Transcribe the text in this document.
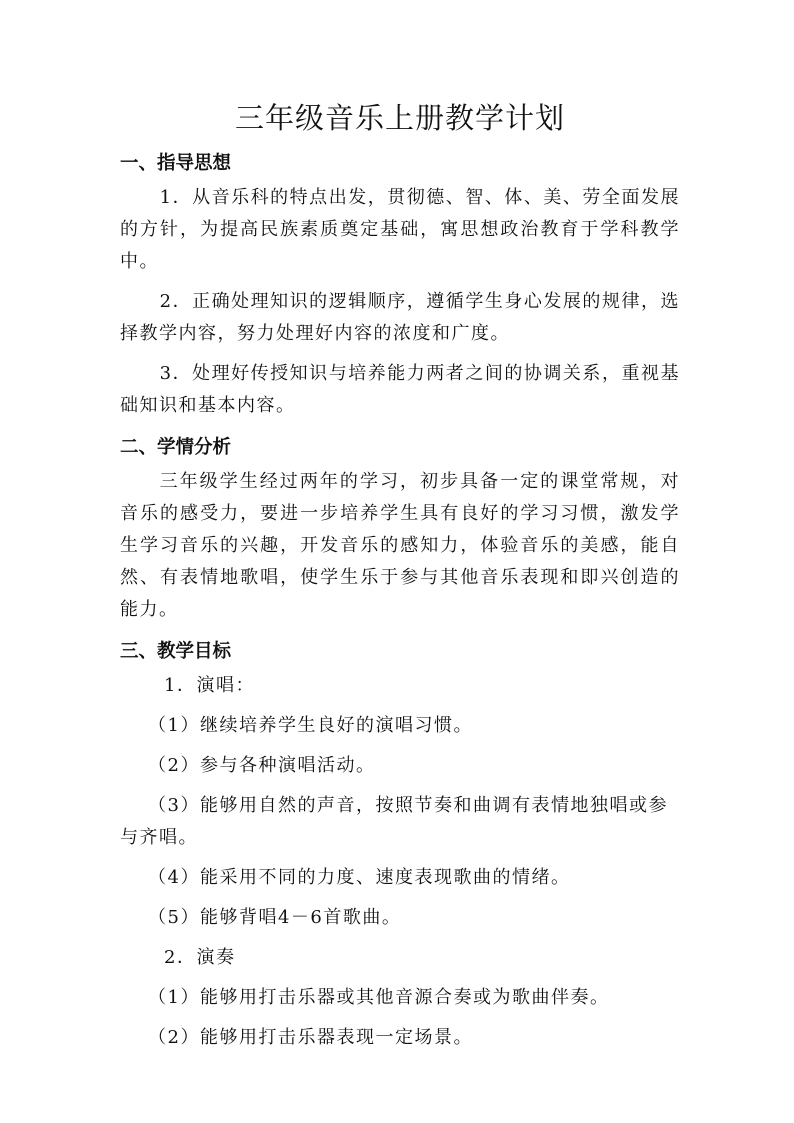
三年级音乐上册教学计划
一、指导思想

1．从音乐科的特点出发，贯彻德、智、体、美、劳全面发展的方针，为提高民族素质奠定基础，寓思想政治教育于学科教学中。

2．正确处理知识的逻辑顺序，遵循学生身心发展的规律，选择教学内容，努力处理好内容的浓度和广度。

3．处理好传授知识与培养能力两者之间的协调关系，重视基础知识和基本内容。

二、学情分析

三年级学生经过两年的学习，初步具备一定的课堂常规，对音乐的感受力，要进一步培养学生具有良好的学习习惯，激发学生学习音乐的兴趣，开发音乐的感知力，体验音乐的美感，能自然、有表情地歌唱，使学生乐于参与其他音乐表现和即兴创造的能力。

三、教学目标
1．演唱：
（1）继续培养学生良好的演唱习惯。
（2）参与各种演唱活动。
（3）能够用自然的声音，按照节奏和曲调有表情地独唱或参与齐唱。
（4）能采用不同的力度、速度表现歌曲的情绪。
（5）能够背唱4－6首歌曲。
2．演奏
（1）能够用打击乐器或其他音源合奏或为歌曲伴奏。
（2）能够用打击乐器表现一定场景。
